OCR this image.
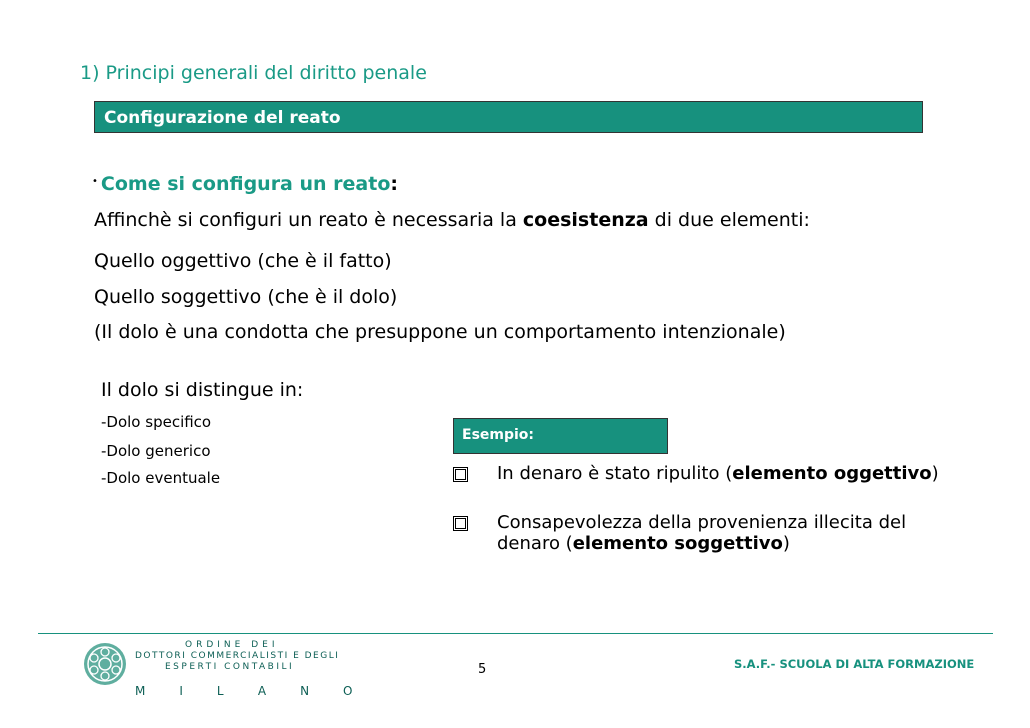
1) Principi generali del diritto penale
Configurazione del reato
• Come si configura un reato:
Affinchè si configuri un reato è necessaria la coesistenza di due elementi:
Quello oggettivo (che è il fatto)
Quello soggettivo (che è il dolo)
(Il dolo è una condotta che presuppone un comportamento intenzionale)
Il dolo si distingue in:
-Dolo specifico
-Dolo generico
-Dolo eventuale
Esempio:
In denaro è stato ripulito (elemento oggettivo)
Consapevolezza della provenienza illecita del denaro (elemento soggettivo)
ORDINE DEI
DOTTORI COMMERCIALISTI E DEGLI
ESPERTI CONTABILI
MILANO
5	S.A.F.- SCUOLA DI ALTA FORMAZIONE
